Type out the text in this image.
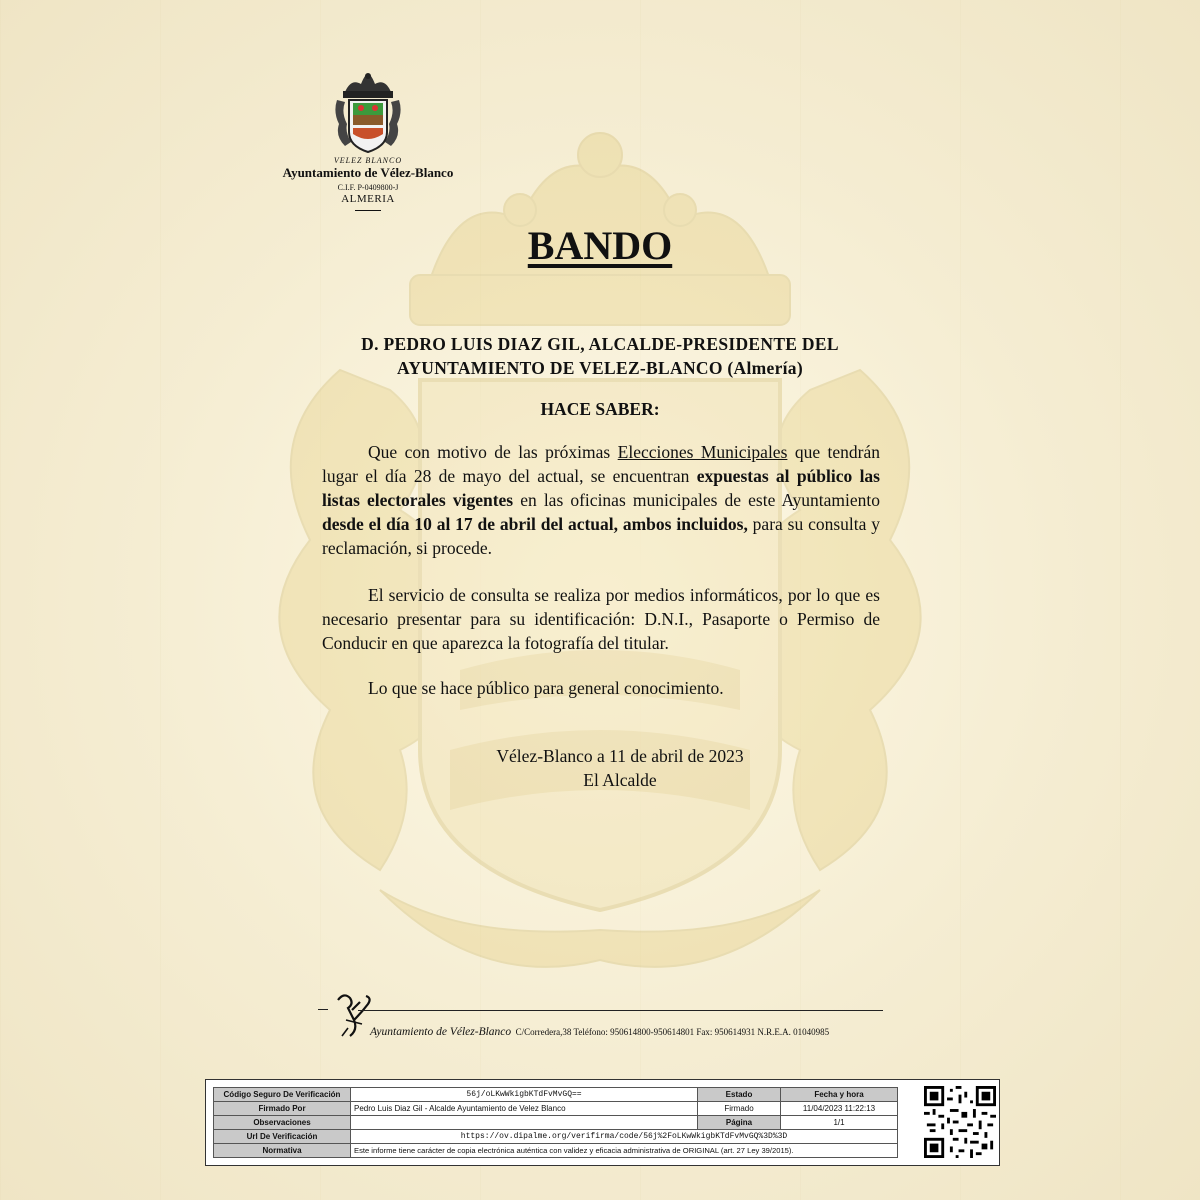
VELEZ BLANCO
Ayuntamiento de Vélez-Blanco
C.I.F. P-0409800-J
ALMERIA
BANDO
D. PEDRO LUIS DIAZ GIL, ALCALDE-PRESIDENTE DEL
AYUNTAMIENTO DE VELEZ-BLANCO (Almería)
HACE SABER:
Que con motivo de las próximas Elecciones Municipales que tendrán lugar el día 28 de mayo del actual, se encuentran expuestas al público las listas electorales vigentes en las oficinas municipales de este Ayuntamiento desde el día 10 al 17 de abril del actual, ambos incluidos, para su consulta y reclamación, si procede.
El servicio de consulta se realiza por medios informáticos, por lo que es necesario presentar para su identificación: D.N.I., Pasaporte o Permiso de Conducir en que aparezca la fotografía del titular.
Lo que se hace público para general conocimiento.
Vélez-Blanco a 11 de abril de 2023
El Alcalde
Ayuntamiento de Vélez-Blanco C/Corredera,38 Teléfono: 950614800-950614801 Fax: 950614931 N.R.E.A. 01040985
Código Seguro De Verificación	56j/oLKwWkigbKTdFvMvGQ==	Estado	Fecha y hora
Firmado Por	Pedro Luis Diaz Gil - Alcalde Ayuntamiento de Velez Blanco	Firmado	11/04/2023 11:22:13
Observaciones		Página	1/1
Url De Verificación	https://ov.dipalme.org/verifirma/code/56j%2FoLKwWkigbKTdFvMvGQ%3D%3D		
Normativa	Este informe tiene carácter de copia electrónica auténtica con validez y eficacia administrativa de ORIGINAL (art. 27 Ley 39/2015).		
